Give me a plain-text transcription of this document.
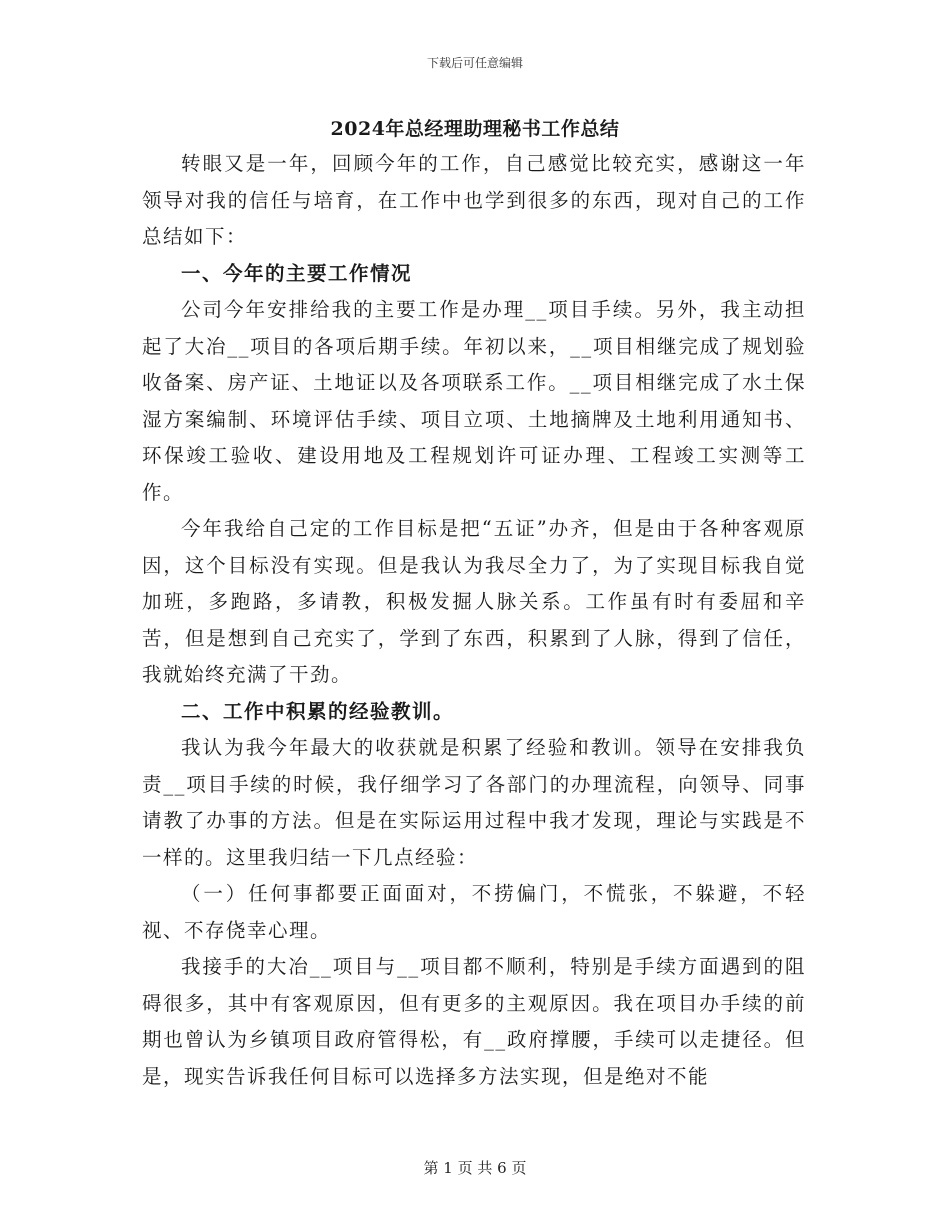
下载后可任意编辑
2024年总经理助理秘书工作总结

转眼又是一年，回顾今年的工作，自己感觉比较充实，感谢这一年领导对我的信任与培育，在工作中也学到很多的东西，现对自己的工作总结如下：

一、今年的主要工作情况

公司今年安排给我的主要工作是办理__项目手续。另外，我主动担起了大冶__项目的各项后期手续。年初以来，__项目相继完成了规划验收备案、房产证、土地证以及各项联系工作。__项目相继完成了水土保湿方案编制、环境评估手续、项目立项、土地摘牌及土地利用通知书、环保竣工验收、建设用地及工程规划许可证办理、工程竣工实测等工作。

今年我给自己定的工作目标是把“五证”办齐，但是由于各种客观原因，这个目标没有实现。但是我认为我尽全力了，为了实现目标我自觉加班，多跑路，多请教，积极发掘人脉关系。工作虽有时有委屈和辛苦，但是想到自己充实了，学到了东西，积累到了人脉，得到了信任，我就始终充满了干劲。

二、工作中积累的经验教训。

我认为我今年最大的收获就是积累了经验和教训。领导在安排我负责__项目手续的时候，我仔细学习了各部门的办理流程，向领导、同事请教了办事的方法。但是在实际运用过程中我才发现，理论与实践是不一样的。这里我归结一下几点经验：

（一）任何事都要正面面对，不捞偏门，不慌张，不躲避，不轻视、不存侥幸心理。

我接手的大冶__项目与__项目都不顺利，特别是手续方面遇到的阻碍很多，其中有客观原因，但有更多的主观原因。我在项目办手续的前期也曾认为乡镇项目政府管得松，有__政府撑腰，手续可以走捷径。但是，现实告诉我任何目标可以选择多方法实现，但是绝对不能

第 1 页 共 6 页
